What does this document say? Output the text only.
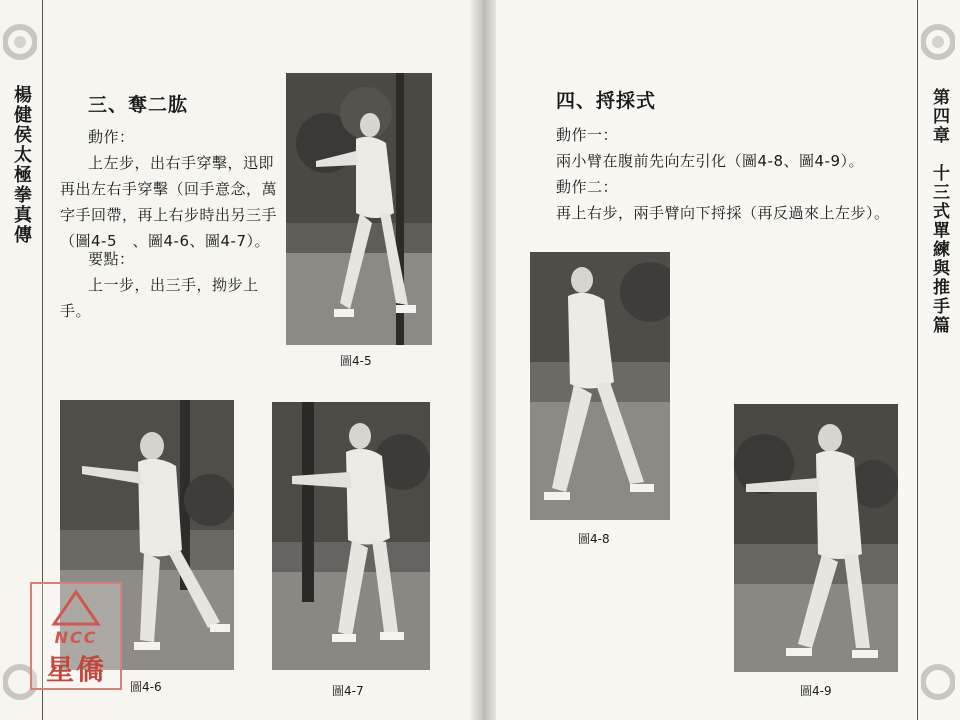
楊健侯太極拳真傳	第四章　十三式單練與推手篇

三、奪二肱

動作：

上左步，出右手穿擊，迅即

再出左右手穿擊（回手意念，萬

字手回帶，再上右步時出另三手

（圖4-5　、圖4-6、圖4-7）。

要點：

上一步，出三手，拗步上

手。

圖4-5
圖4-6	圖4-7
四、捋採式

動作一：

兩小臂在腹前先向左引化（圖4-8、圖4-9）。

動作二：

再上右步，兩手臂向下捋採（再反過來上左步）。

圖4-8
圖4-9
NCC
星僑
